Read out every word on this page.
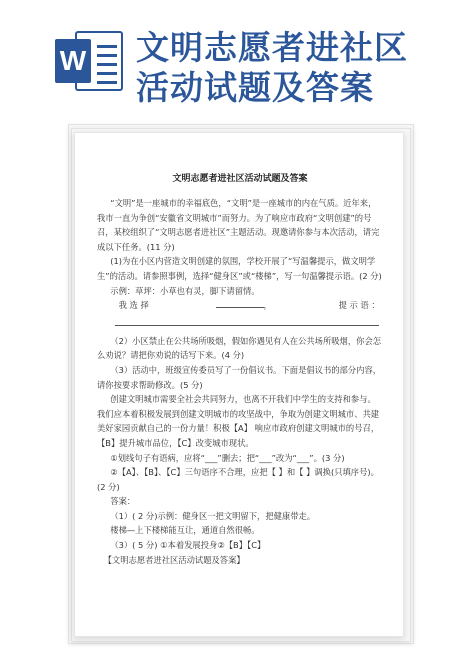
W 文明志愿者进社区活动试题及答案
文明志愿者进社区活动试题及答案

“文明”是一座城市的幸福底色，“文明”是一座城市的内在气质。近年来，我市一直为争创“安徽省文明城市”而努力。为了响应市政府“文明创建”的号召，某校组织了“文明志愿者进社区”主题活动。现邀请你参与本次活动，请完成以下任务。(11 分)

(1)为在小区内营造文明创建的氛围，学校开展了“写温馨提示，做文明学生”的活动。请参照事例，选择“健身区”或“楼梯”，写一句温馨提示语。(2 分)

示例：草坪：小草也有灵，脚下请留情。

我 选 择	，	提 示 语 ：

（2）小区禁止在公共场所吸烟，假如你遇见有人在公共场所吸烟，你会怎么劝说？请把你劝说的话写下来。(4 分)

（3）活动中，班级宣传委员写了一份倡议书。下面是倡议书的部分内容，请你按要求帮助修改。(5 分)

创建文明城市需要全社会共同努力，也离不开我们中学生的支持和参与。我们应本着积极发展到创建文明城市的攻坚战中，争取为创建文明城市、共建美好家园贡献自己的一份力量！积极【A】 响应市政府创建文明城市的号召， 【B】提升城市品位，【C】改变城市现状。

①划线句子有语病，应将“___”删去；把“___”改为“___”。(3 分)

②【A】、【B】、【C】三句语序不合理，应把【 】和【 】调换(只填序号)。(2 分)

答案：

（1）( 2 分)示例：健身区一把文明留下，把健康带走。

楼梯—上下楼梯能互让，通道自然很畅。

（3）( 5 分) ①本着发展投身②【B】【C】

【文明志愿者进社区活动试题及答案】
